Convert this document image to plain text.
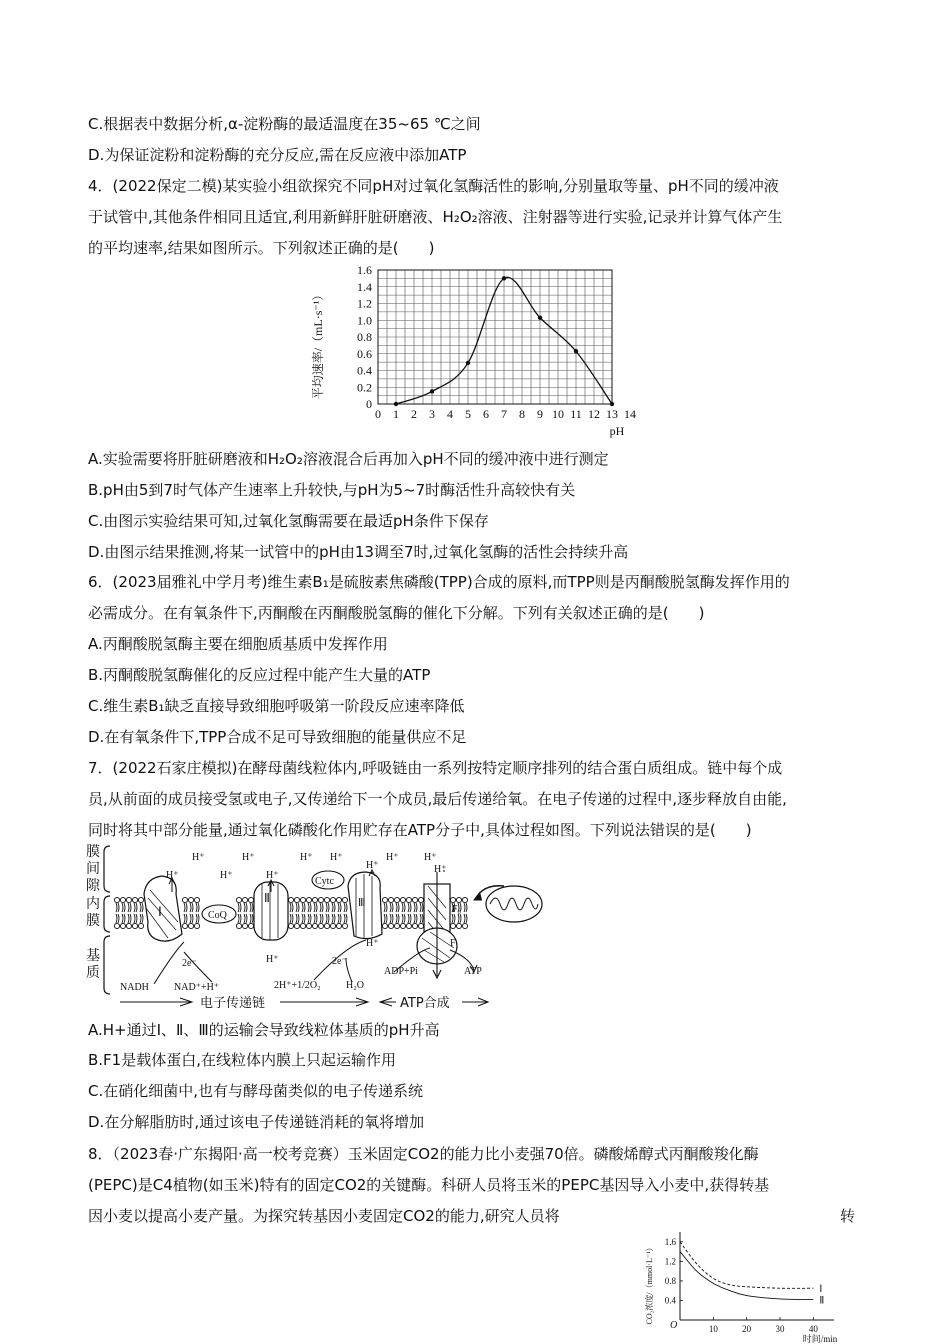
C.根据表中数据分析,α-淀粉酶的最适温度在35~65 ℃之间
D.为保证淀粉和淀粉酶的充分反应,需在反应液中添加ATP
4．(2022保定二模)某实验小组欲探究不同pH对过氧化氢酶活性的影响,分别量取等量、pH不同的缓冲液
于试管中,其他条件相同且适宜,利用新鲜肝脏研磨液、H₂O₂溶液、注射器等进行实验,记录并计算气体产生
的平均速率,结果如图所示。下列叙述正确的是(　　)
平均速率/（mL·s⁻¹）
pH
0 1 2 3 4 5 6 7 8 9 10 11 12 13 14
0
0.2
0.4
0.6
0.8
1.0
1.2
1.4
1.6
A.实验需要将肝脏研磨液和H₂O₂溶液混合后再加入pH不同的缓冲液中进行测定
B.pH由5到7时气体产生速率上升较快,与pH为5~7时酶活性升高较快有关
C.由图示实验结果可知,过氧化氢酶需要在最适pH条件下保存
D.由图示结果推测,将某一试管中的pH由13调至7时,过氧化氢酶的活性会持续升高
6．(2023届雅礼中学月考)维生素B₁是硫胺素焦磷酸(TPP)合成的原料,而TPP则是丙酮酸脱氢酶发挥作用的
必需成分。在有氧条件下,丙酮酸在丙酮酸脱氢酶的催化下分解。下列有关叙述正确的是(　　)
A.丙酮酸脱氢酶主要在细胞质基质中发挥作用
B.丙酮酸脱氢酶催化的反应过程中能产生大量的ATP
C.维生素B₁缺乏直接导致细胞呼吸第一阶段反应速率降低
D.在有氧条件下,TPP合成不足可导致细胞的能量供应不足
7．(2022石家庄模拟)在酵母菌线粒体内,呼吸链由一系列按特定顺序排列的结合蛋白质组成。链中每个成
员,从前面的成员接受氢或电子,又传递给下一个成员,最后传递给氧。在电子传递的过程中,逐步释放自由能,
同时将其中部分能量,通过氧化磷酸化作用贮存在ATP分子中,具体过程如图。下列说法错误的是(　　)
膜
间
隙
内
膜
基
质
Ⅰ	CoQ
Ⅱ
Cytc
Ⅲ
F₀
F₁
H⁺	H⁺	H⁺ H⁺	H⁺	H⁺
H⁺	H⁺	H⁺
H⁺	H⁺
H⁺
H⁺
2e⁻	2e⁻
NADH	NAD⁺+H⁺	2H⁺+1/2O₂	H₂O
ADP+Pi	ATP
电子传递链	ATP合成
A.H+通过Ⅰ、Ⅱ、Ⅲ的运输会导致线粒体基质的pH升高
B.F1是载体蛋白,在线粒体内膜上只起运输作用
C.在硝化细菌中,也有与酵母菌类似的电子传递系统
D.在分解脂肪时,通过该电子传递链消耗的氧将增加
8．（2023春·广东揭阳·高一校考竞赛）玉米固定CO2的能力比小麦强70倍。磷酸烯醇式丙酮酸羧化酶
(PEPC)是C4植物(如玉米)特有的固定CO2的关键酶。科研人员将玉米的PEPC基因导入小麦中,获得转基
因小麦以提高小麦产量。为探究转基因小麦固定CO2的能力,研究人员将	转
CO₂浓度/（mmol·L⁻¹）
时间/min
O	10	20	30	40
0.4
0.8
1.2
1.6
Ⅰ
Ⅱ
